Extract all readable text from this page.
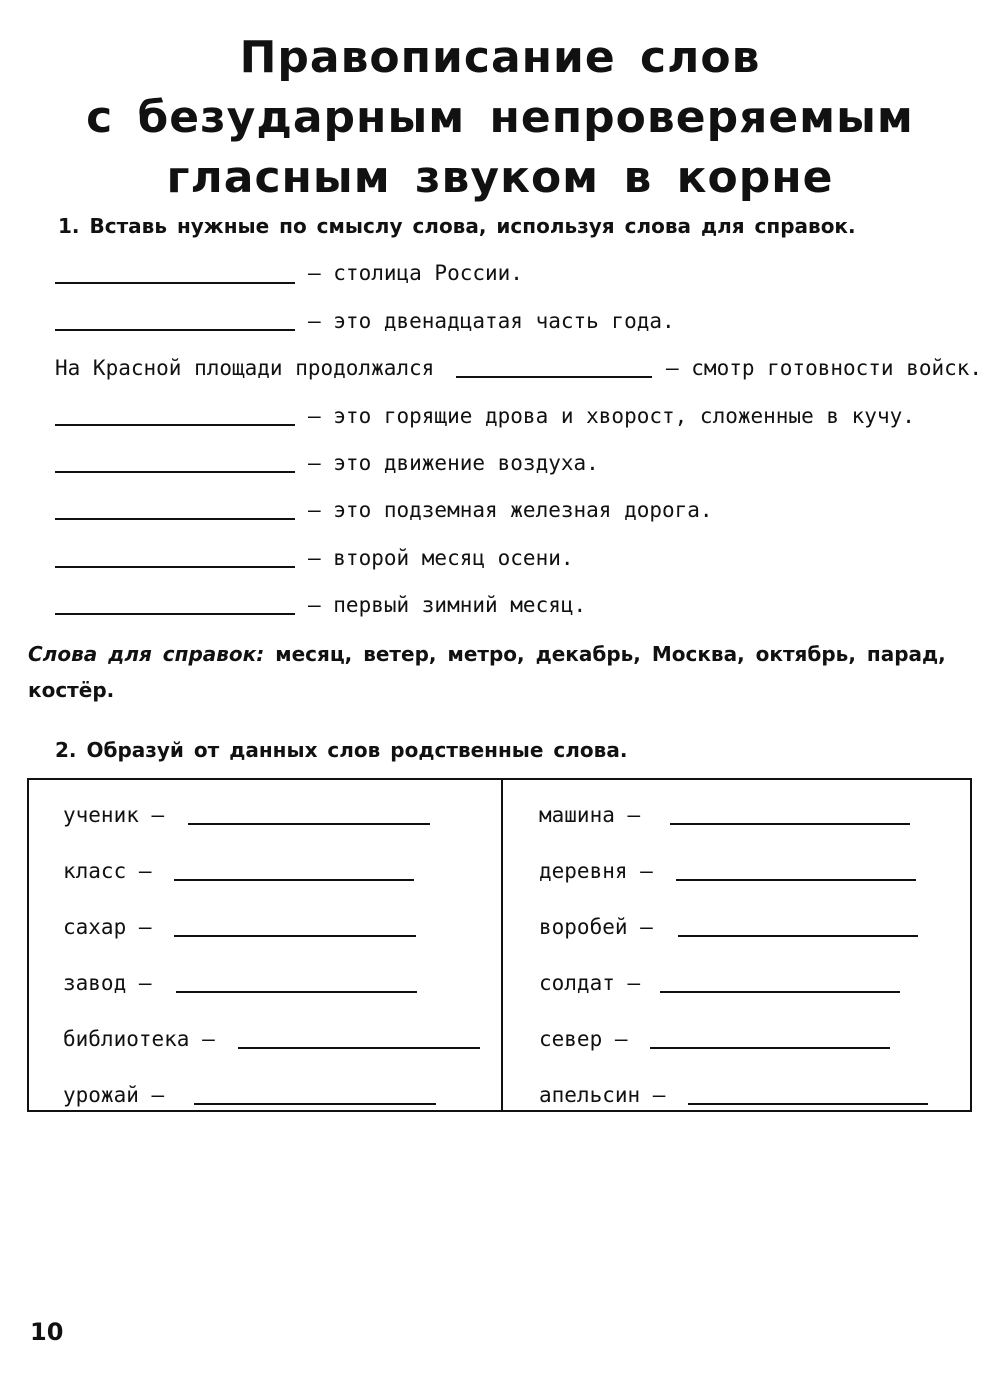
Правописание слов
с безударным непроверяемым
гласным звуком в корне
1. Вставь нужные по смыслу слова, используя слова для справок.
— столица России.
— это двенадцатая часть года.
На Красной площади продолжался	— смотр готовности войск.
— это горящие дрова и хворост, сложенные в кучу.
— это движение воздуха.
— это подземная железная дорога.
— второй месяц осени.
— первый зимний месяц.
Слова для справок: месяц, ветер, метро, декабрь, Москва, октябрь, парад, костёр.
2. Образуй от данных слов родственные слова.
ученик —
класс —
сахар —
завод —
библиотека —
урожай —
машина —
деревня —
воробей —
солдат —
север —
апельсин —
10
